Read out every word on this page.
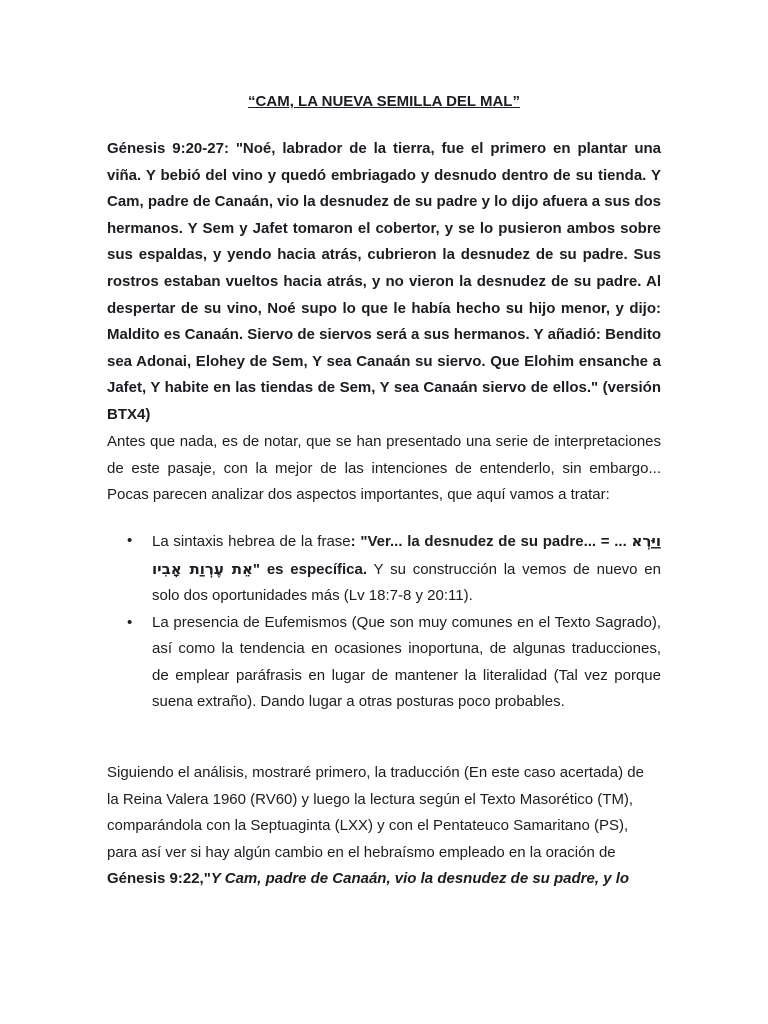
“CAM, LA NUEVA SEMILLA DEL MAL”

Génesis 9:20-27: "Noé, labrador de la tierra, fue el primero en plantar una viña. Y bebió del vino y quedó embriagado y desnudo dentro de su tienda. Y Cam, padre de Canaán, vio la desnudez de su padre y lo dijo afuera a sus dos hermanos. Y Sem y Jafet tomaron el cobertor, y se lo pusieron ambos sobre sus espaldas, y yendo hacia atrás, cubrieron la desnudez de su padre. Sus rostros estaban vueltos hacia atrás, y no vieron la desnudez de su padre. Al despertar de su vino, Noé supo lo que le había hecho su hijo menor, y dijo: Maldito es Canaán. Siervo de siervos será a sus hermanos. Y añadió: Bendito sea Adonai, Elohey de Sem, Y sea Canaán su siervo. Que Elohim ensanche a Jafet, Y habite en las tiendas de Sem, Y sea Canaán siervo de ellos." (versión BTX4)

Antes que nada, es de notar, que se han presentado una serie de interpretaciones de este pasaje, con la mejor de las intenciones de entenderlo, sin embargo... Pocas parecen analizar dos aspectos importantes, que aquí vamos a tratar:

• La sintaxis hebrea de la frase: "Ver... la desnudez de su padre... = ... וַיַּרְא אֵת עֶרְוַת אָבִיו" es específica. Y su construcción la vemos de nuevo en solo dos oportunidades más (Lv 18:7-8 y 20:11).
• La presencia de Eufemismos (Que son muy comunes en el Texto Sagrado), así como la tendencia en ocasiones inoportuna, de algunas traducciones, de emplear paráfrasis en lugar de mantener la literalidad (Tal vez porque suena extraño). Dando lugar a otras posturas poco probables.
Siguiendo el análisis, mostraré primero, la traducción (En este caso acertada) de
la Reina Valera 1960 (RV60) y luego la lectura según el Texto Masorético (TM),
comparándola con la Septuaginta (LXX) y con el Pentateuco Samaritano (PS),
para así ver si hay algún cambio en el hebraísmo empleado en la oración de
Génesis 9:22,"Y Cam, padre de Canaán, vio la desnudez de su padre, y lo
